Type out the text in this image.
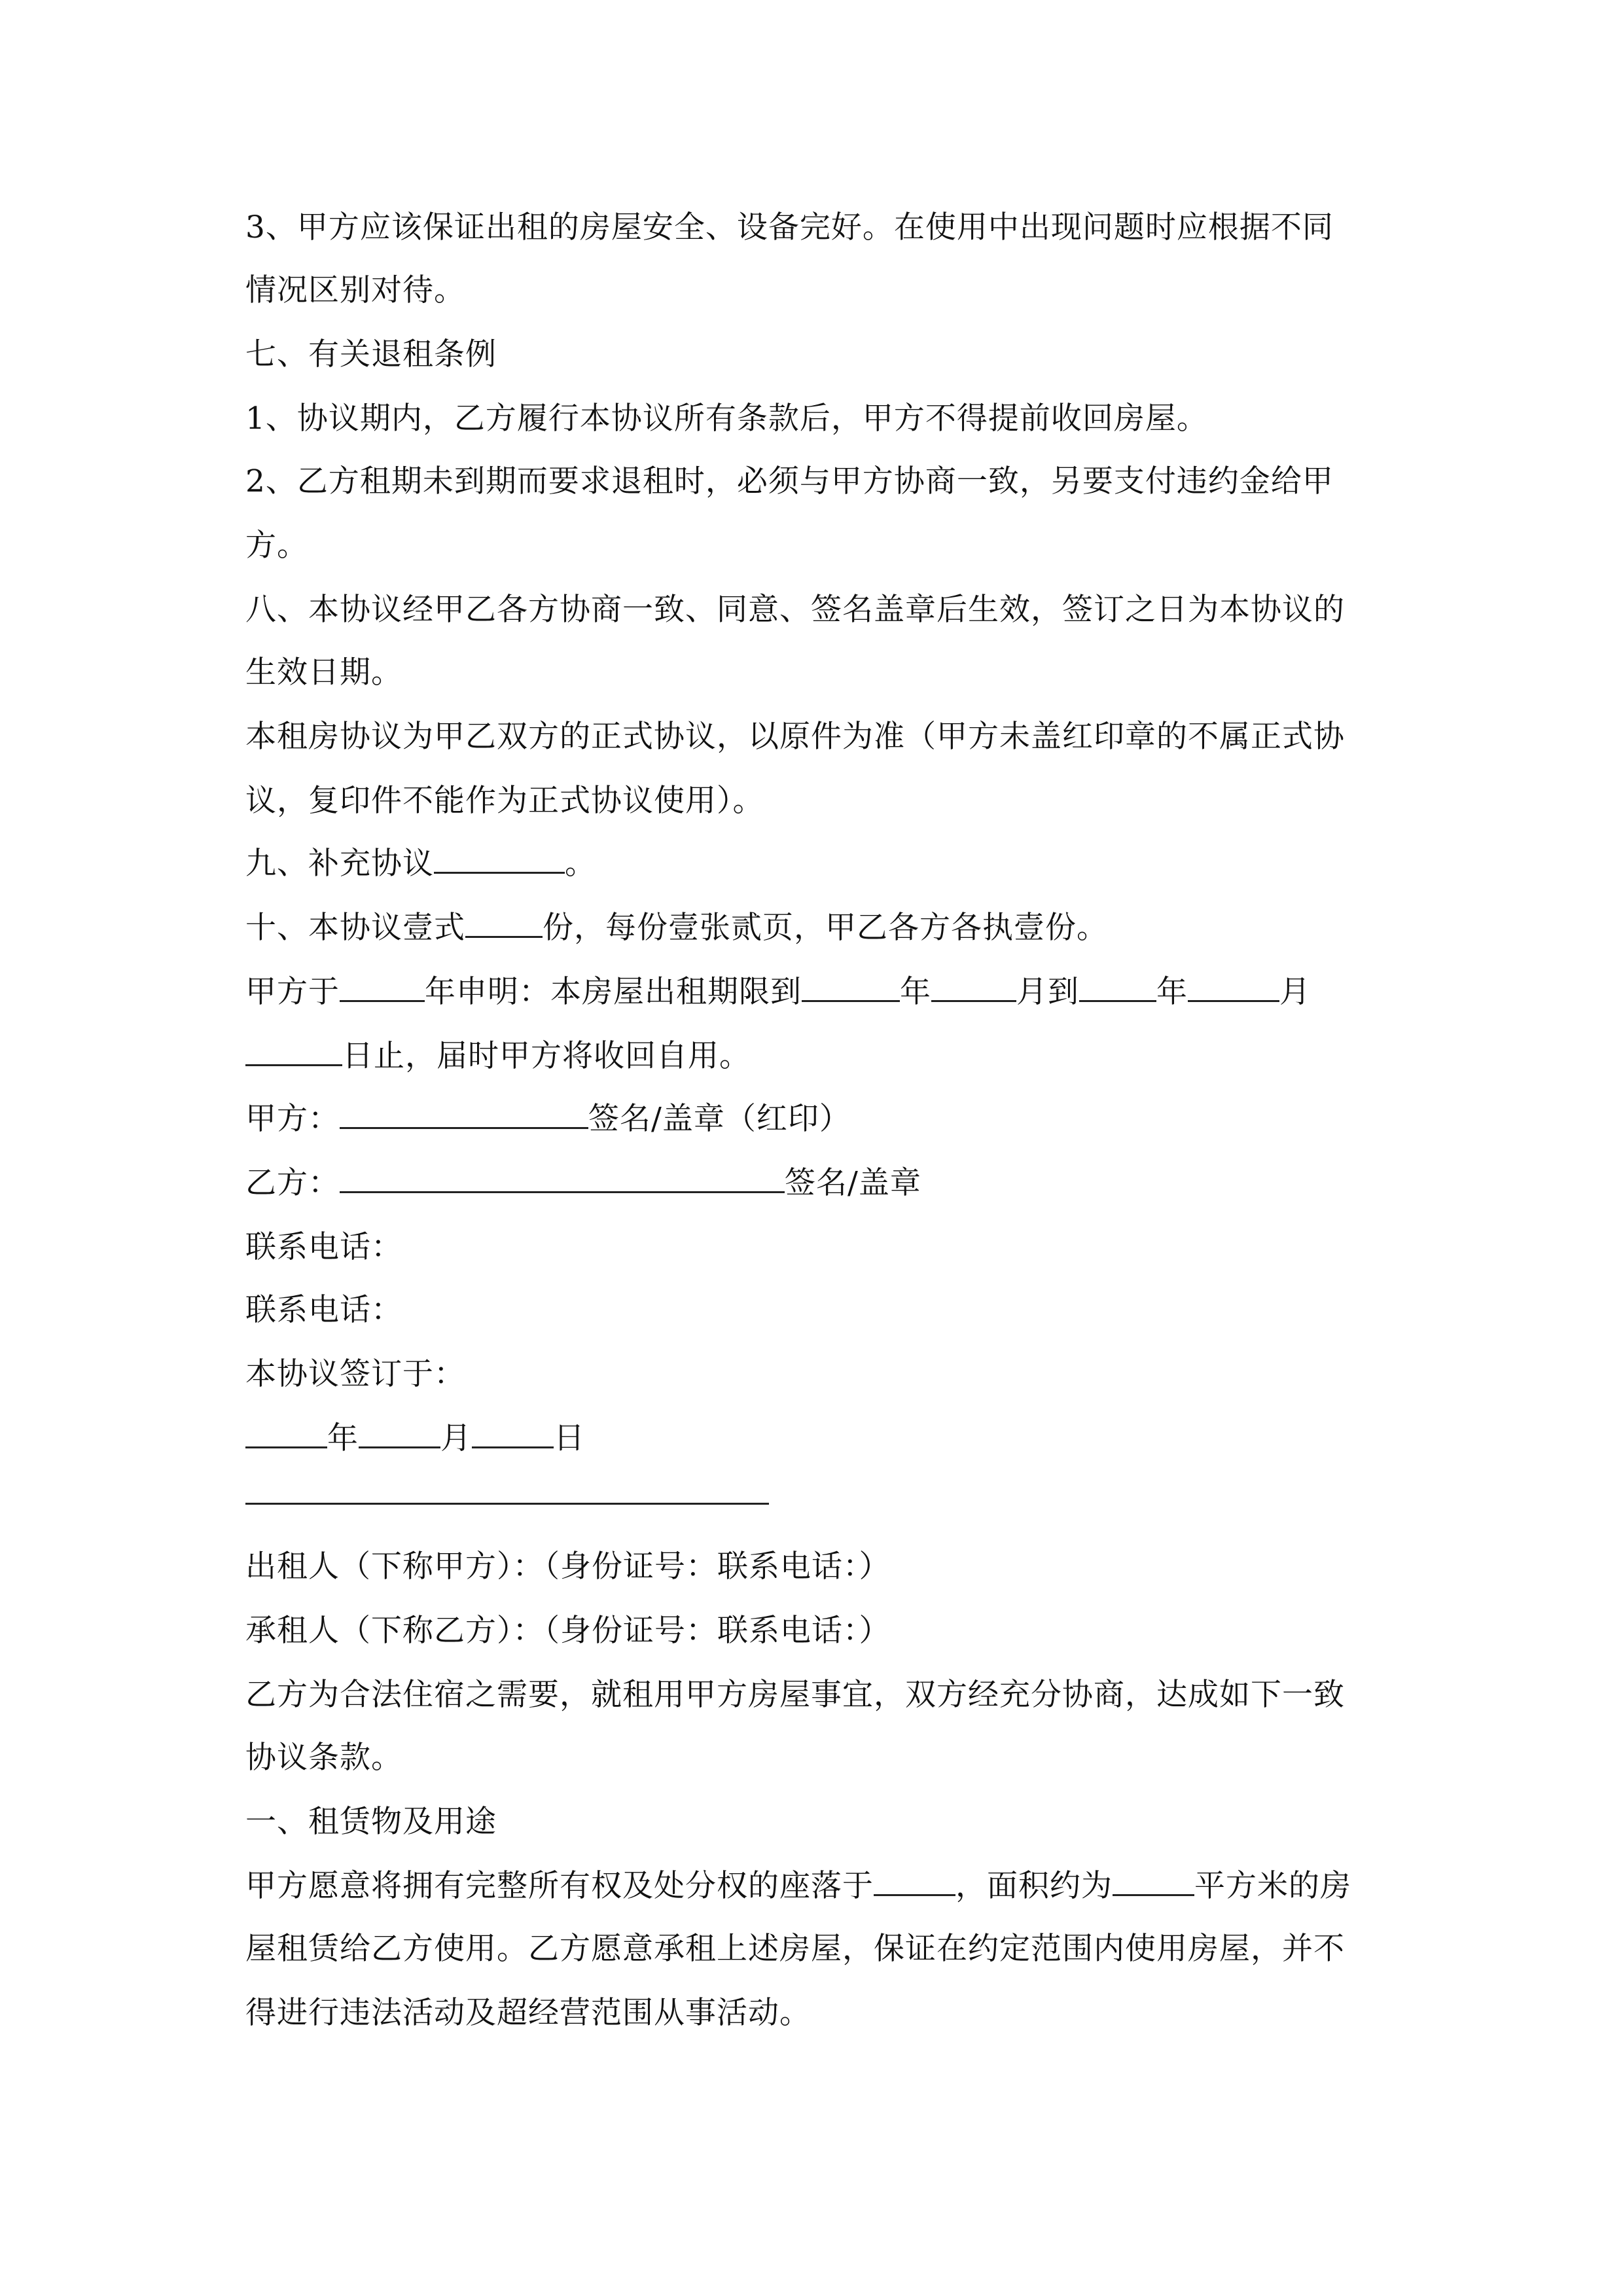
3、甲方应该保证出租的房屋安全、设备完好。在使用中出现问题时应根据不同
情况区别对待。
七、有关退租条例
1、协议期内，乙方履行本协议所有条款后，甲方不得提前收回房屋。
2、乙方租期未到期而要求退租时，必须与甲方协商一致，另要支付违约金给甲
方。
八、本协议经甲乙各方协商一致、同意、签名盖章后生效，签订之日为本协议的
生效日期。
本租房协议为甲乙双方的正式协议，以原件为准（甲方未盖红印章的不属正式协
议，复印件不能作为正式协议使用）。
九、补充协议	。
十、本协议壹式	份，每份壹张贰页，甲乙各方各执壹份。
甲方于	年申明：本房屋出租期限到	年	月到	年	月
日止，届时甲方将收回自用。
甲方：	签名/盖章（红印）
乙方：	签名/盖章
联系电话：
联系电话：
本协议签订于：
年	月	日
出租人（下称甲方）：（身份证号：联系电话：）
承租人（下称乙方）：（身份证号：联系电话：）
乙方为合法住宿之需要，就租用甲方房屋事宜，双方经充分协商，达成如下一致
协议条款。
一、租赁物及用途
甲方愿意将拥有完整所有权及处分权的座落于	，面积约为	平方米的房
屋租赁给乙方使用。乙方愿意承租上述房屋，保证在约定范围内使用房屋，并不
得进行违法活动及超经营范围从事活动。
